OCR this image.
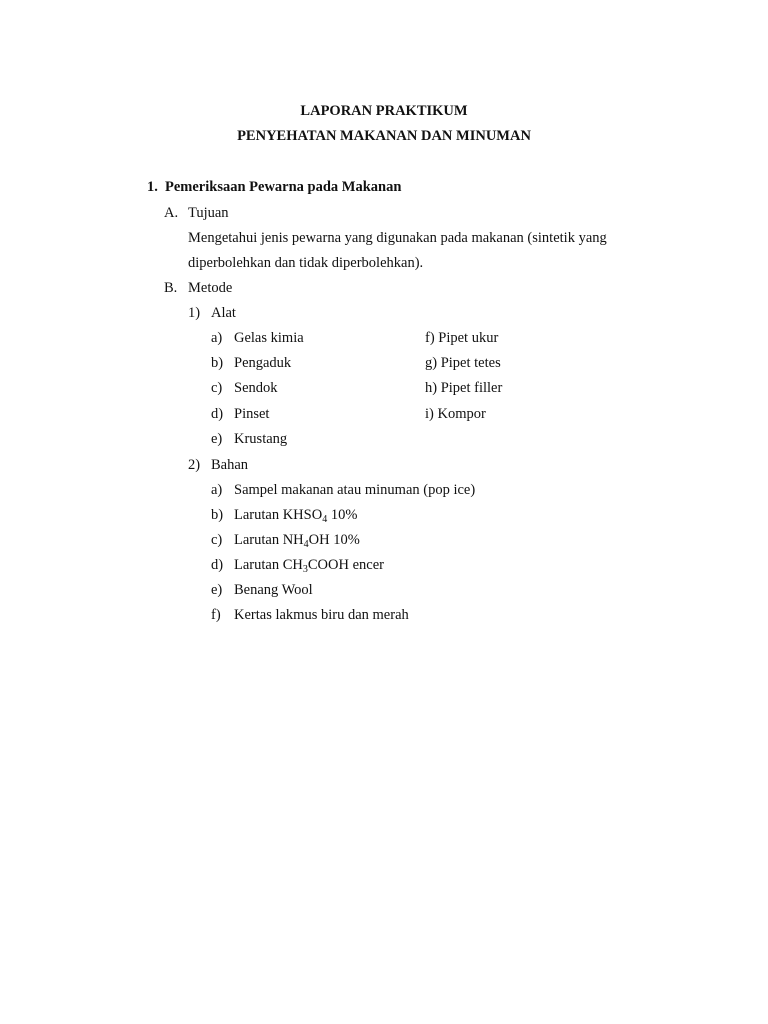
LAPORAN PRAKTIKUM
PENYEHATAN MAKANAN DAN MINUMAN
1. Pemeriksaan Pewarna pada Makanan
A. Tujuan
Mengetahui jenis pewarna yang digunakan pada makanan (sintetik yang
diperbolehkan dan tidak diperbolehkan).
B. Metode
1) Alat
a) Gelas kimia
b) Pengaduk
c) Sendok
d) Pinset
e) Krustang
f) Pipet ukur
g) Pipet tetes
h) Pipet filler
i) Kompor
2) Bahan
a) Sampel makanan atau minuman (pop ice)
b) Larutan $KHSO_4$ 10%
c) Larutan $NH_4OH$ 10%
d) Larutan $CH_3COOH$ encer
e) Benang Wool
f) Kertas lakmus biru dan merah
